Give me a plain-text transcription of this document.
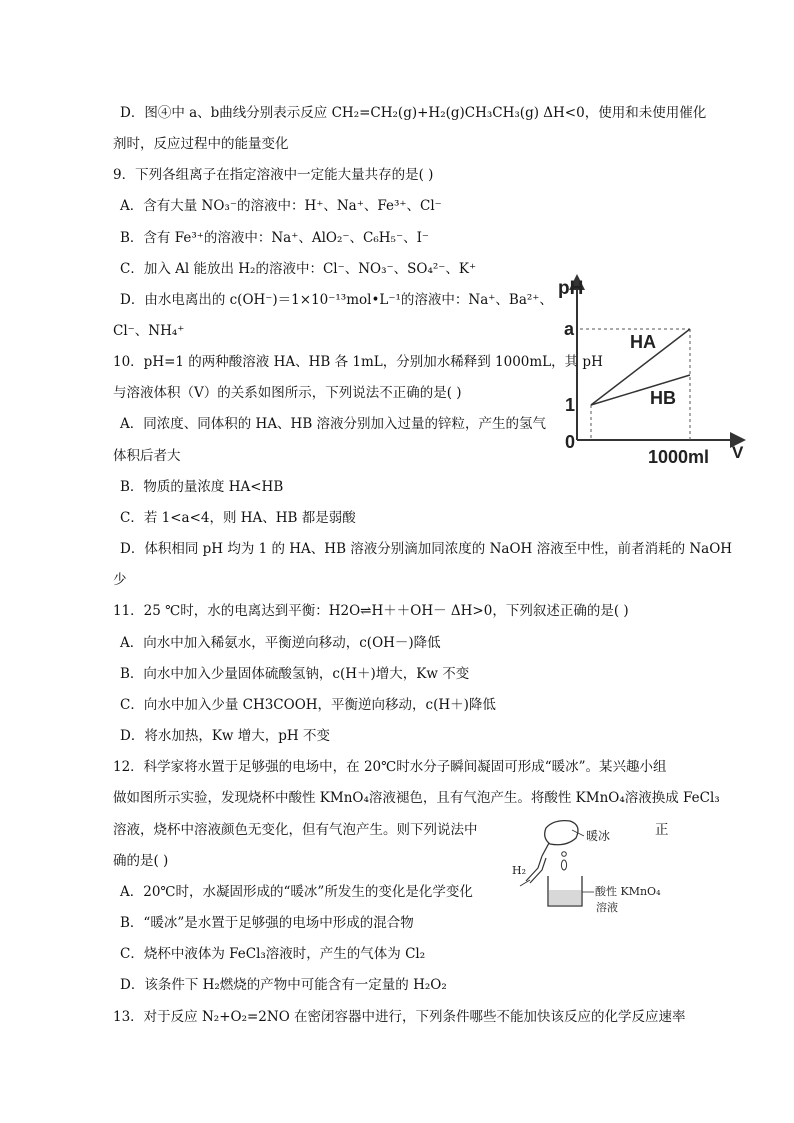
D．图④中 a、b曲线分别表示反应 CH₂=CH₂(g)+H₂(g)CH₃CH₃(g) ΔH<0，使用和未使用催化
剂时，反应过程中的能量变化
9．下列各组离子在指定溶液中一定能大量共存的是( )
A．含有大量 NO₃⁻的溶液中：H⁺、Na⁺、Fe³⁺、Cl⁻
B．含有 Fe³⁺的溶液中：Na⁺、AlO₂⁻、C₆H₅⁻、I⁻
C．加入 Al 能放出 H₂的溶液中：Cl⁻、NO₃⁻、SO₄²⁻、K⁺
D．由水电离出的 c(OH⁻)＝1×10⁻¹³mol•L⁻¹的溶液中：Na⁺、Ba²⁺、
Cl⁻、NH₄⁺
10．pH=1 的两种酸溶液 HA、HB 各 1mL，分别加水稀释到 1000mL，其 pH
与溶液体积（V）的关系如图所示，下列说法不正确的是( )
A．同浓度、同体积的 HA、HB 溶液分别加入过量的锌粒，产生的氢气
体积后者大
B．物质的量浓度 HA<HB
C．若 1<a<4，则 HA、HB 都是弱酸
D．体积相同 pH 均为 1 的 HA、HB 溶液分别滴加同浓度的 NaOH 溶液至中性，前者消耗的 NaOH
少
11．25 ℃时，水的电离达到平衡：H2O⇌H＋＋OH－ ΔH>0，下列叙述正确的是( )
A．向水中加入稀氨水，平衡逆向移动，c(OH－)降低
B．向水中加入少量固体硫酸氢钠，c(H＋)增大，Kw 不变
C．向水中加入少量 CH3COOH，平衡逆向移动，c(H＋)降低
D．将水加热，Kw 增大，pH 不变
12．科学家将水置于足够强的电场中，在 20℃时水分子瞬间凝固可形成“暖冰”。某兴趣小组
做如图所示实验，发现烧杯中酸性 KMnO₄溶液褪色，且有气泡产生。将酸性 KMnO₄溶液换成 FeCl₃
溶液，烧杯中溶液颜色无变化，但有气泡产生。则下列说法中	正
确的是( )
A．20℃时，水凝固形成的“暖冰”所发生的变化是化学变化
B．“暖冰”是水置于足够强的电场中形成的混合物
C．烧杯中液体为 FeCl₃溶液时，产生的气体为 Cl₂
D．该条件下 H₂燃烧的产物中可能含有一定量的 H₂O₂
13．对于反应 N₂+O₂=2NO 在密闭容器中进行，下列条件哪些不能加快该反应的化学反应速率
pH
V
a
1
0
1000ml
HA
HB
暖冰
H₂
酸性 KMnO₄
溶液
